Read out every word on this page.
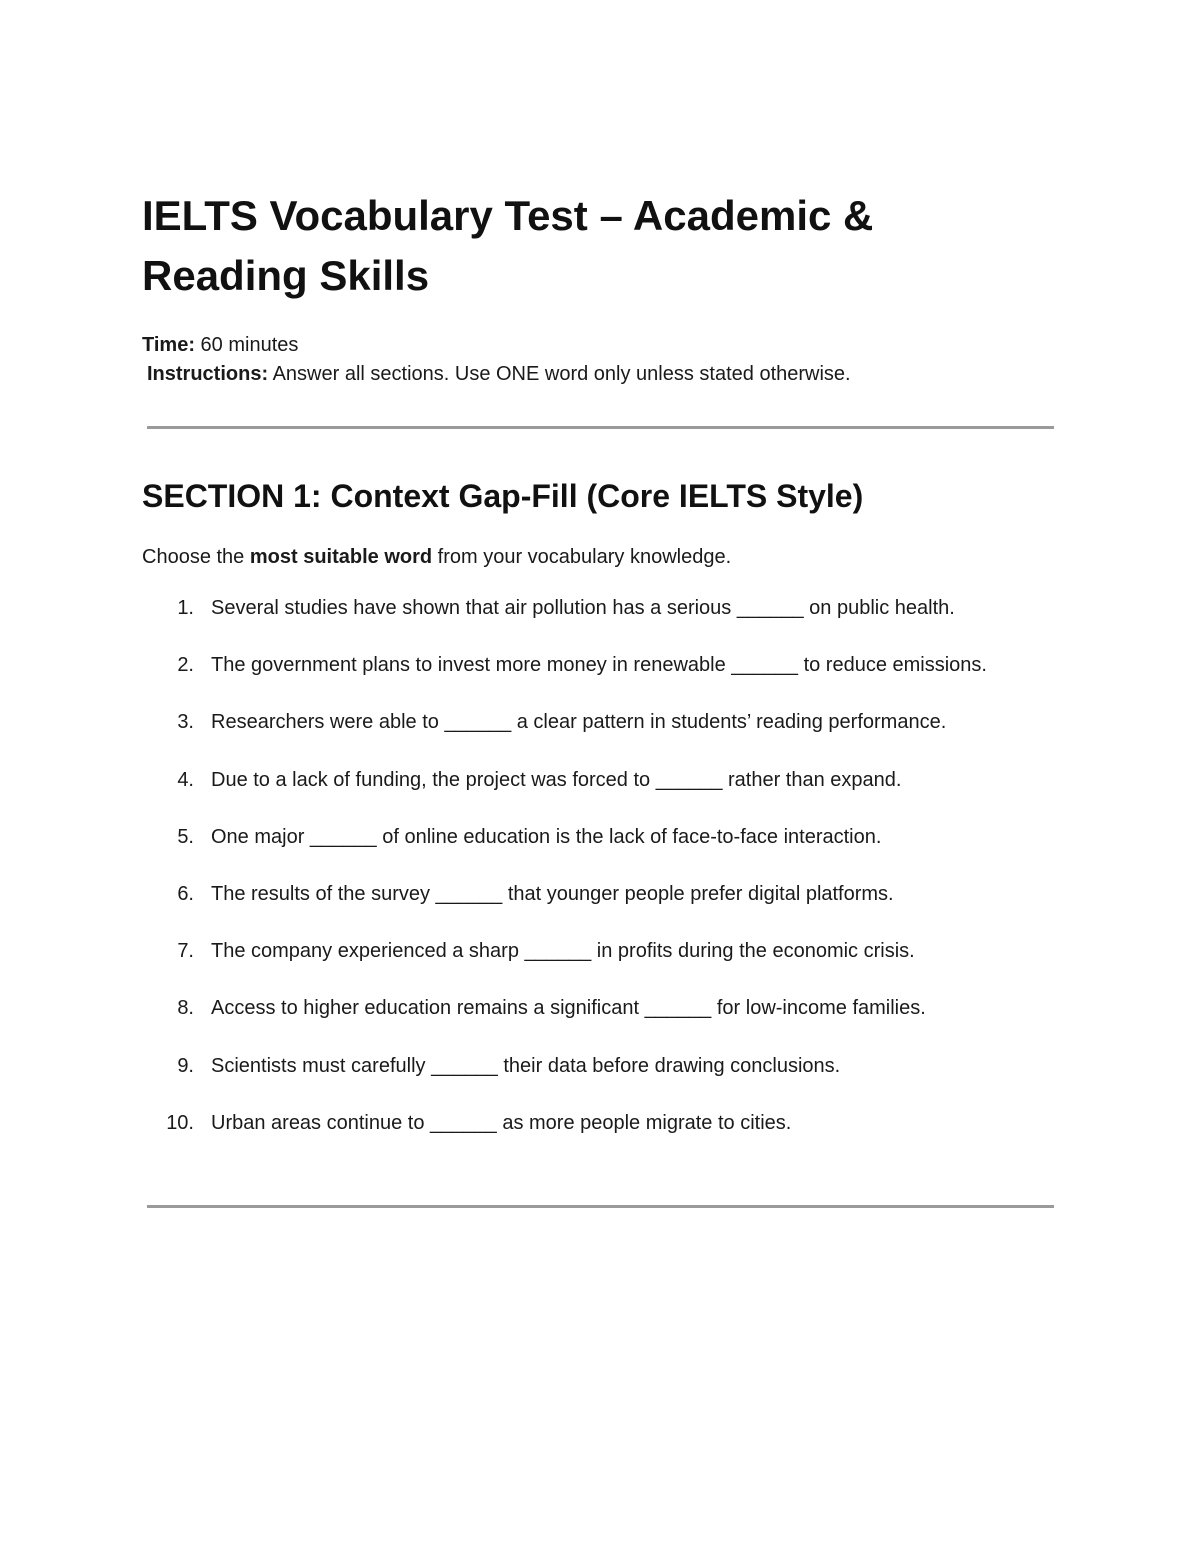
IELTS Vocabulary Test – Academic &
Reading Skills
Time: 60 minutes
Instructions: Answer all sections. Use ONE word only unless stated otherwise.
SECTION 1: Context Gap-Fill (Core IELTS Style)
Choose the most suitable word from your vocabulary knowledge.
1. Several studies have shown that air pollution has a serious ______ on public health.
2. The government plans to invest more money in renewable ______ to reduce emissions.
3. Researchers were able to ______ a clear pattern in students’ reading performance.
4. Due to a lack of funding, the project was forced to ______ rather than expand.
5. One major ______ of online education is the lack of face-to-face interaction.
6. The results of the survey ______ that younger people prefer digital platforms.
7. The company experienced a sharp ______ in profits during the economic crisis.
8. Access to higher education remains a significant ______ for low-income families.
9. Scientists must carefully ______ their data before drawing conclusions.
10. Urban areas continue to ______ as more people migrate to cities.
